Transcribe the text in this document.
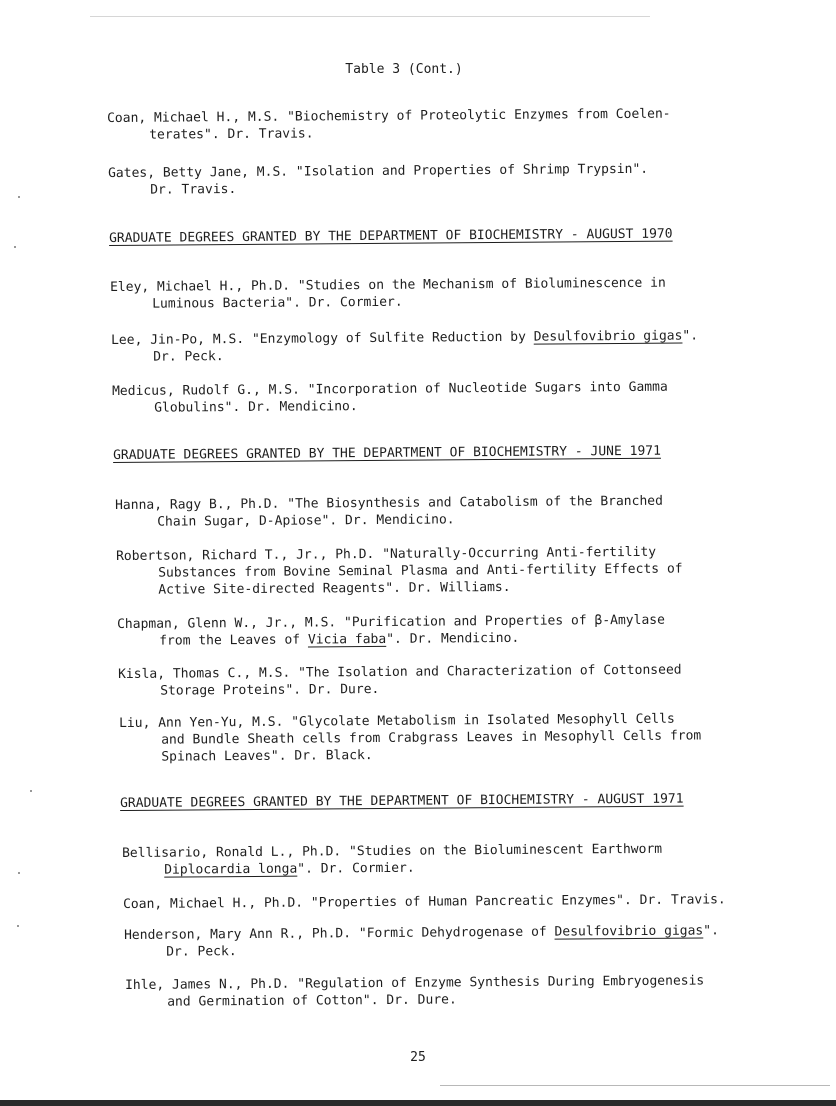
Table 3 (Cont.)
Coan, Michael H., M.S. "Biochemistry of Proteolytic Enzymes from Coelen-
terates". Dr. Travis.
Gates, Betty Jane, M.S. "Isolation and Properties of Shrimp Trypsin".
Dr. Travis.
GRADUATE DEGREES GRANTED BY THE DEPARTMENT OF BIOCHEMISTRY - AUGUST 1970
Eley, Michael H., Ph.D. "Studies on the Mechanism of Bioluminescence in
Luminous Bacteria". Dr. Cormier.
Lee, Jin-Po, M.S. "Enzymology of Sulfite Reduction by Desulfovibrio gigas".
Dr. Peck.
Medicus, Rudolf G., M.S. "Incorporation of Nucleotide Sugars into Gamma
Globulins". Dr. Mendicino.
GRADUATE DEGREES GRANTED BY THE DEPARTMENT OF BIOCHEMISTRY - JUNE 1971
Hanna, Ragy B., Ph.D. "The Biosynthesis and Catabolism of the Branched
Chain Sugar, D-Apiose". Dr. Mendicino.
Robertson, Richard T., Jr., Ph.D. "Naturally-Occurring Anti-fertility
Substances from Bovine Seminal Plasma and Anti-fertility Effects of
Active Site-directed Reagents". Dr. Williams.
Chapman, Glenn W., Jr., M.S. "Purification and Properties of β-Amylase
from the Leaves of Vicia faba". Dr. Mendicino.
Kisla, Thomas C., M.S. "The Isolation and Characterization of Cottonseed
Storage Proteins". Dr. Dure.
Liu, Ann Yen-Yu, M.S. "Glycolate Metabolism in Isolated Mesophyll Cells
and Bundle Sheath cells from Crabgrass Leaves in Mesophyll Cells from
Spinach Leaves". Dr. Black.
GRADUATE DEGREES GRANTED BY THE DEPARTMENT OF BIOCHEMISTRY - AUGUST 1971
Bellisario, Ronald L., Ph.D. "Studies on the Bioluminescent Earthworm
Diplocardia longa". Dr. Cormier.
Coan, Michael H., Ph.D. "Properties of Human Pancreatic Enzymes". Dr. Travis.
Henderson, Mary Ann R., Ph.D. "Formic Dehydrogenase of Desulfovibrio gigas".
Dr. Peck.
Ihle, James N., Ph.D. "Regulation of Enzyme Synthesis During Embryogenesis
and Germination of Cotton". Dr. Dure.
25
